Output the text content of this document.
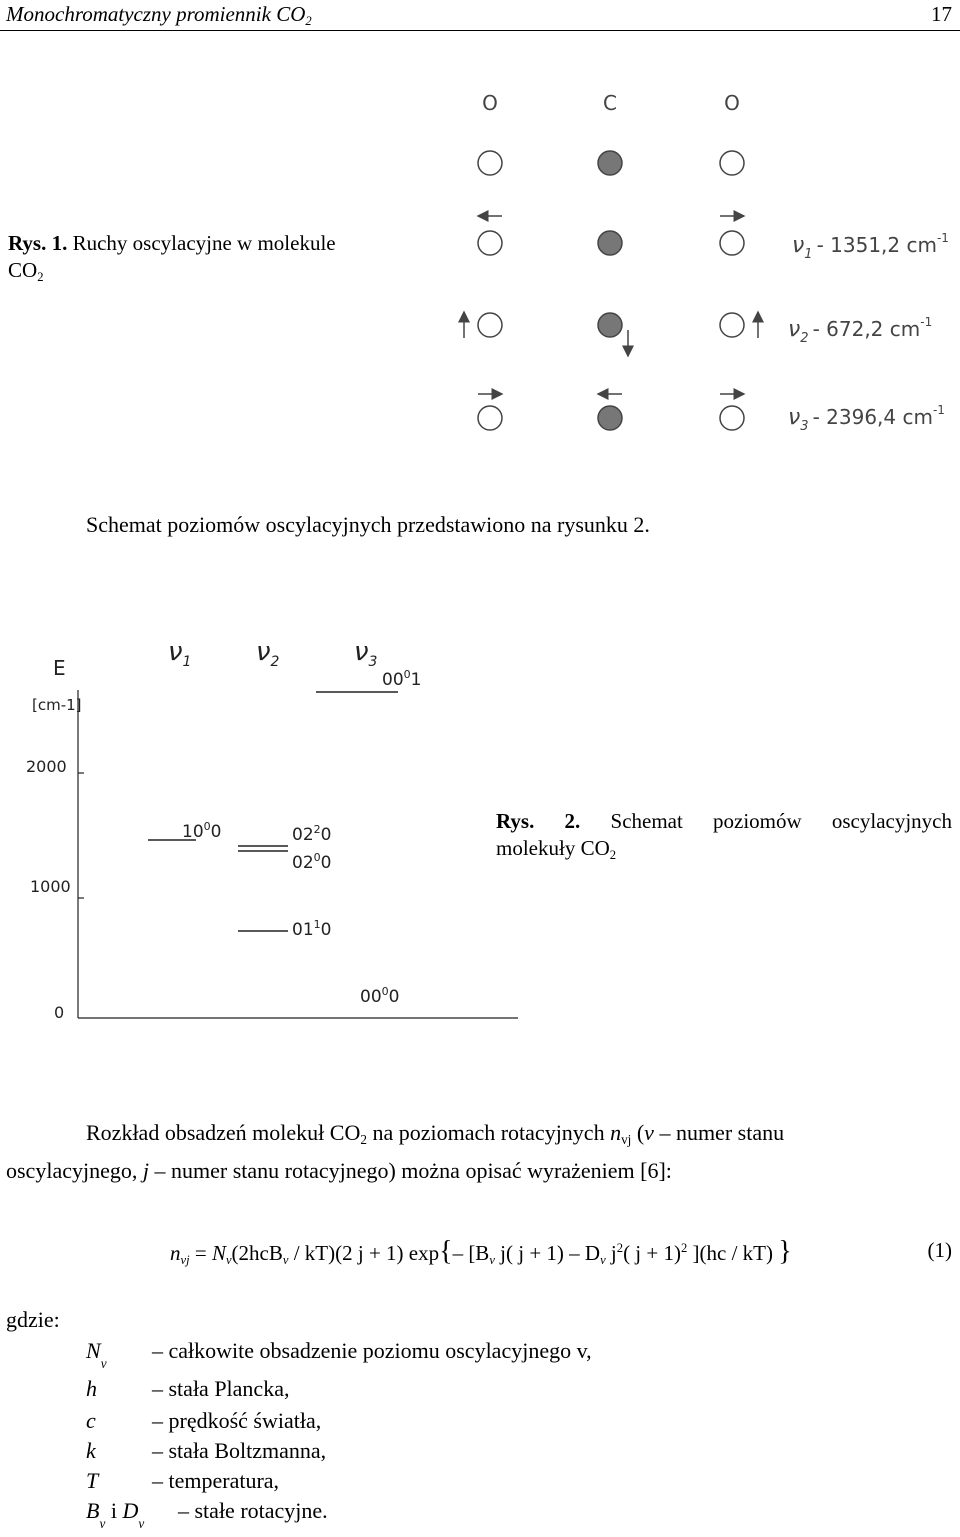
Monochromatyczny promiennik $CO_2$	17
Rys. 1. Ruchy oscylacyjne w molekule
$CO_2$
O	C	O
$\nu_1 - 1351,2$ $cm^{-1}$
$\nu_2 - 672,2$ $cm^{-1}$
$\nu_3 - 2396,4$ $cm^{-1}$
Schemat poziomów oscylacyjnych przedstawiono na rysunku 2.
$\nu_1$ $\nu_2$	$\nu_3$
E
[cm-1]
2000
1000
0
$00^01$
$10^00$	$02^20$
$02^00$
$01^10$
$00^00$
Rys. 2. Schemat poziomów oscylacyjnych
molekuły $CO_2$
Rozkład obsadzeń molekuł $CO_2$ na poziomach rotacyjnych $n_{vj}$ (v – numer stanu
oscylacyjnego, j – numer stanu rotacyjnego) można opisać wyrażeniem [6]:
$n_{vj} = N_v(2hcB_v / kT)(2$ j + 1) exp{– [$B_v$ j( $j + 1) - D_v$ $j^2$( j + 1)$^2$ ](hc / kT) }	(1)
gdzie:
$N_v$
– całkowite obsadzenie poziomu oscylacyjnego v,
h	– stała Plancka,
c	– prędkość światła,
k	– stała Boltzmanna,
T – temperatura,
$B_v$ i $D_v$
– stałe rotacyjne.
